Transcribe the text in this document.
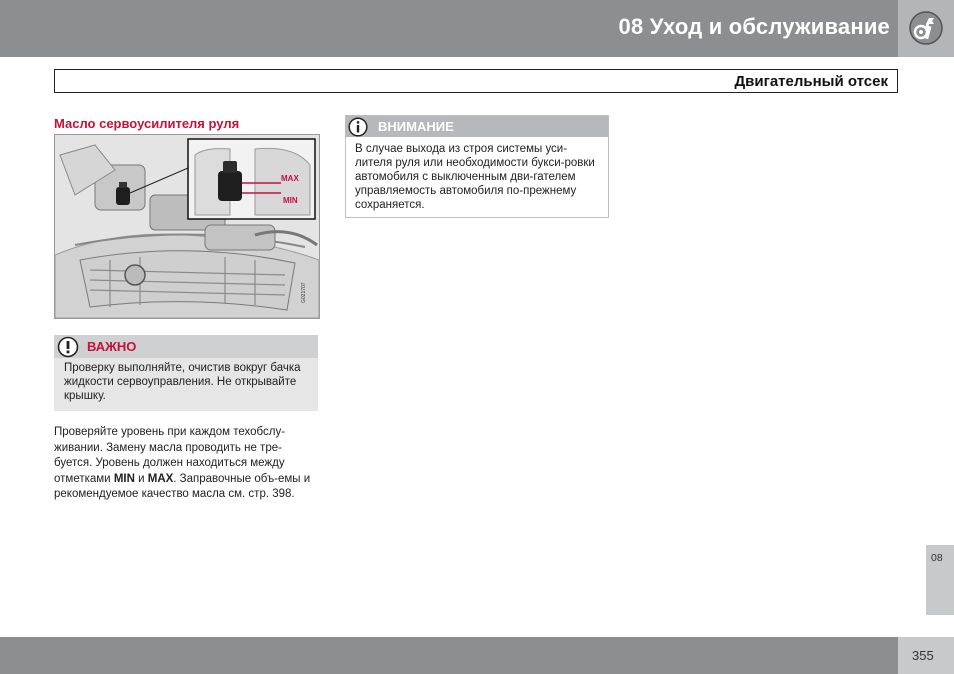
08 Уход и обслуживание
Двигательный отсек
Масло сервоусилителя руля
MAX
MIN
G021707
ВАЖНО
Проверку выполняйте, очистив вокруг бачка жидкости сервоуправления. Не открывайте крышку.
Проверяйте уровень при каждом техобслу-живании. Замену масла проводить не тре-буется. Уровень должен находиться между отметками MIN и MAX. Заправочные объ-емы и рекомендуемое качество масла см. стр. 398.
ВНИМАНИЕ
В случае выхода из строя системы уси-лителя руля или необходимости букси-ровки автомобиля с выключенным дви-гателем управляемость автомобиля по-прежнему сохраняется.
08
355
